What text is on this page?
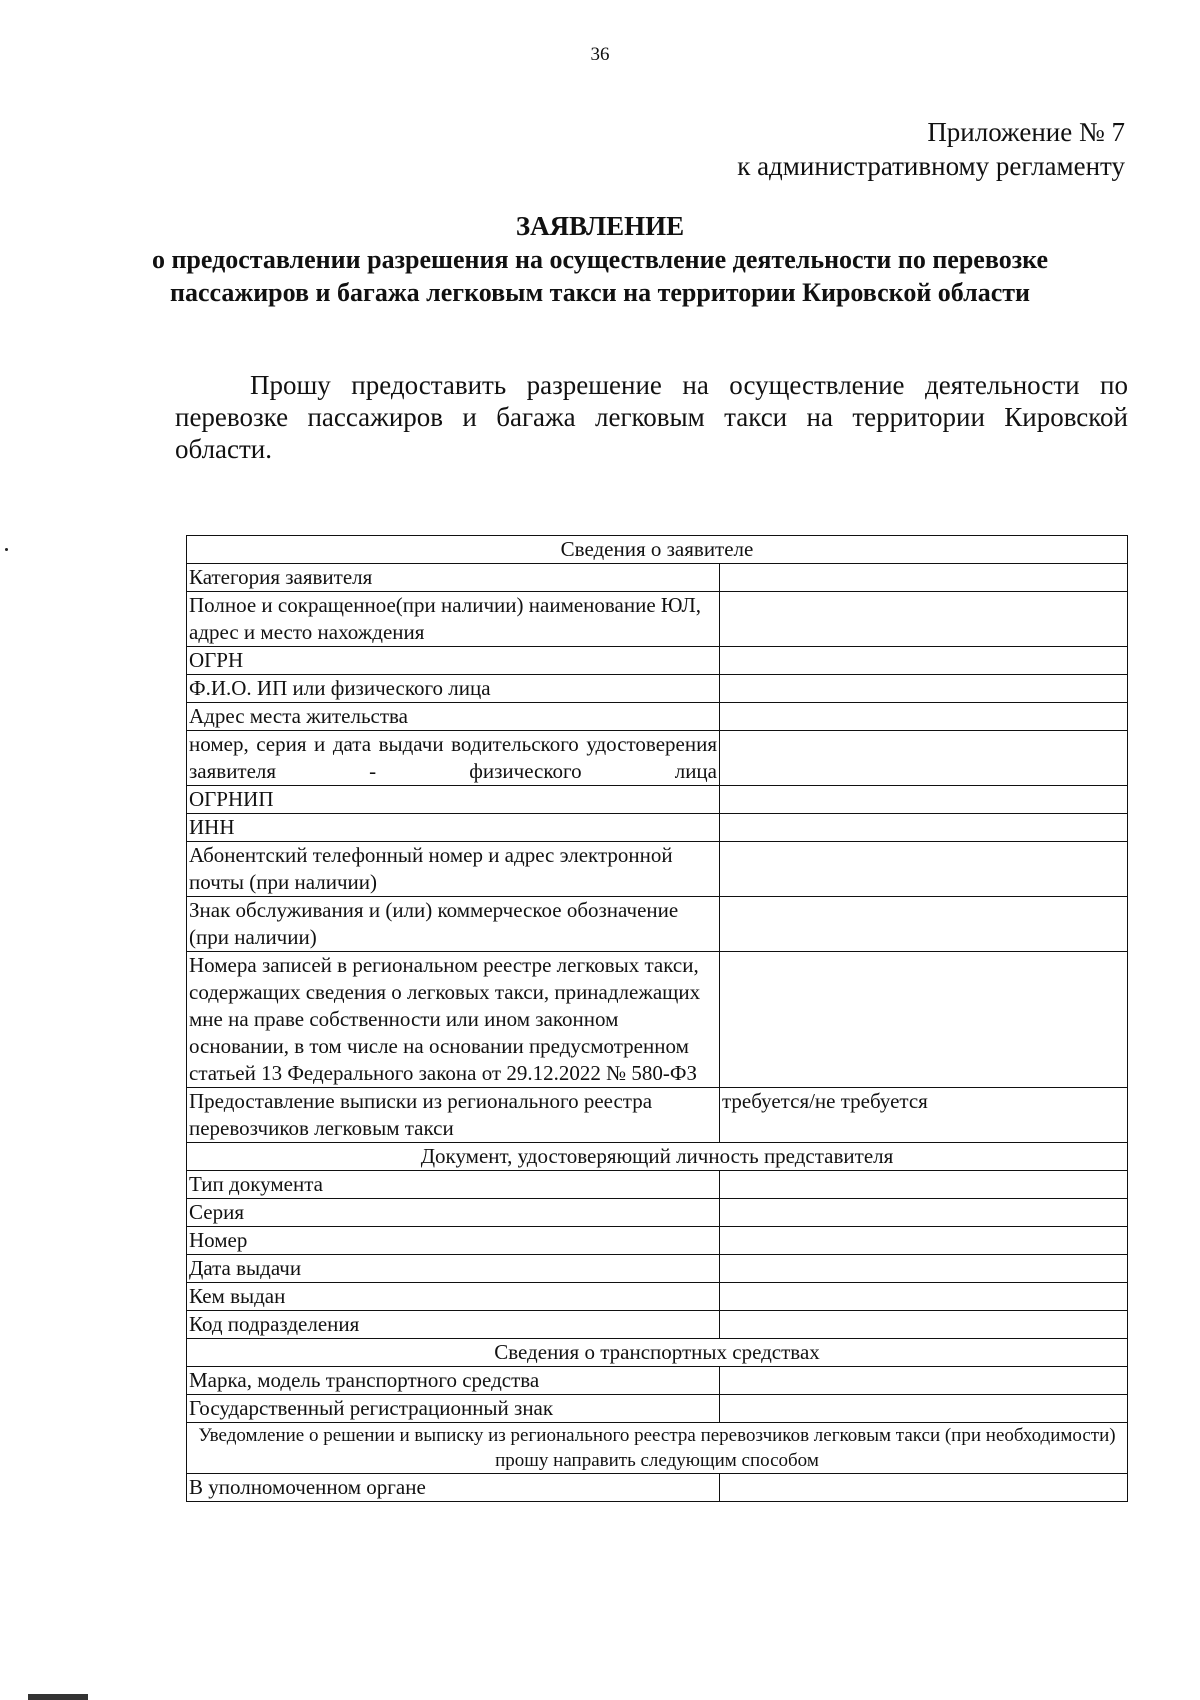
36
Приложение № 7
к административному регламенту
ЗАЯВЛЕНИЕ
о предоставлении разрешения на осуществление деятельности по перевозке пассажиров и багажа легковым такси на территории Кировской области
Прошу предоставить разрешение на осуществление деятельности по перевозке пассажиров и багажа легковым такси на территории Кировской области.
Сведения о заявителе	
Категория заявителя	
Полное и сокращенное(при наличии) наименование ЮЛ, адрес и место нахождения	
ОГРН	
Ф.И.О. ИП или физического лица	
Адрес места жительства	
номер, серия и дата выдачи водительского удостоверения заявителя - физического лица	
ОГРНИП	
ИНН	
Абонентский телефонный номер и адрес электронной почты (при наличии)	
Знак обслуживания и (или) коммерческое обозначение (при наличии)	
Номера записей в региональном реестре легковых такси, содержащих сведения о легковых такси, принадлежащих мне на праве собственности или ином законном основании, в том числе на основании предусмотренном статьей 13 Федерального закона от 29.12.2022 № 580-ФЗ	
Предоставление выписки из регионального реестра перевозчиков легковым такси	требуется/не требуется
Документ, удостоверяющий личность представителя	
Тип документа	
Серия	
Номер	
Дата выдачи	
Кем выдан	
Код подразделения	
Сведения о транспортных средствах	
Марка, модель транспортного средства	
Государственный регистрационный знак	
Уведомление о решении и выписку из регионального реестра перевозчиков легковым такси (при необходимости) прошу направить следующим способом	
В уполномоченном органе	
